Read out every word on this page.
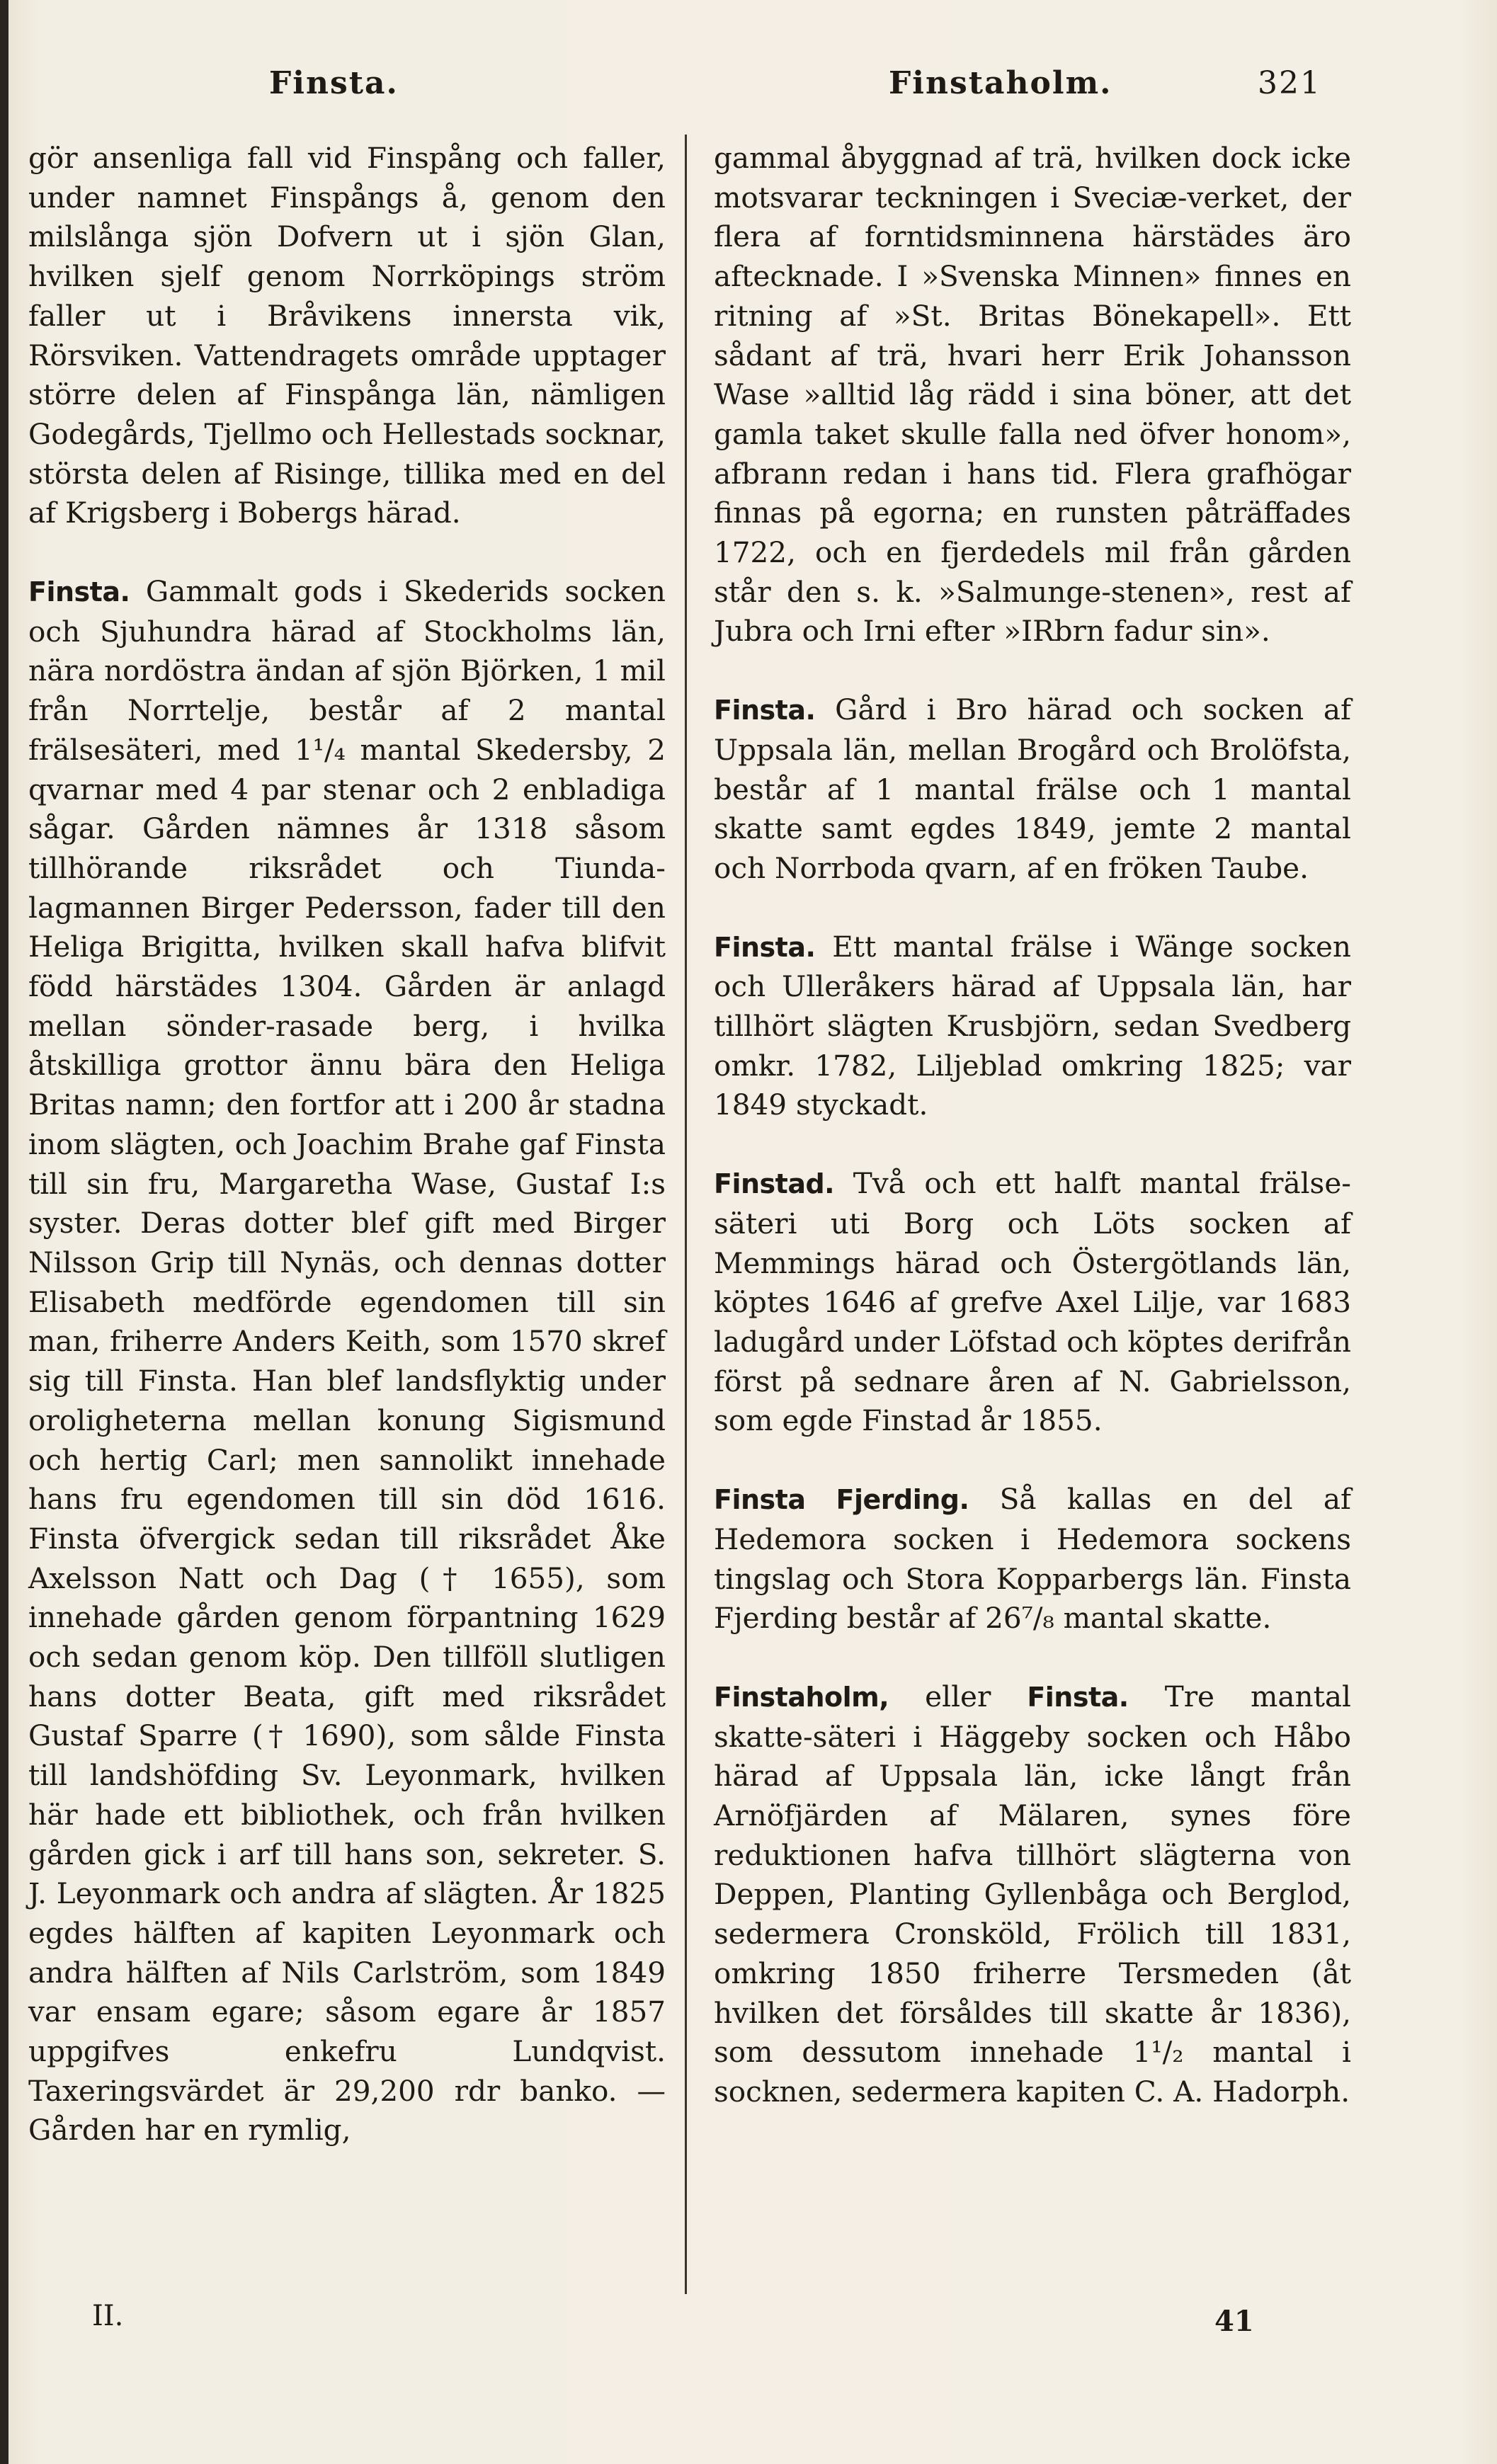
Finsta.	Finstaholm.	321

gör ansenliga fall vid Finspång och faller, under namnet Finspångs å, genom den milslånga sjön Dofvern ut i sjön Glan, hvilken sjelf genom Norrköpings ström faller ut i Bråvikens innersta vik, Rörsviken. Vattendragets område upptager större delen af Finspånga län, nämligen Godegårds, Tjellmo och Hellestads socknar, största delen af Risinge, tillika med en del af Krigsberg i Bobergs härad.

Finsta. Gammalt gods i Skederids socken och Sjuhundra härad af Stockholms län, nära nordöstra ändan af sjön Björken, 1 mil från Norrtelje, består af 2 mantal frälsesäteri, med 1¹/₄ mantal Skedersby, 2 qvarnar med 4 par stenar och 2 enbladiga sågar. Gården nämnes år 1318 såsom tillhörande riksrådet och Tiunda-lagmannen Birger Pedersson, fader till den Heliga Brigitta, hvilken skall hafva blifvit född härstädes 1304. Gården är anlagd mellan sönder-rasade berg, i hvilka åtskilliga grottor ännu bära den Heliga Britas namn; den fortfor att i 200 år stadna inom slägten, och Joachim Brahe gaf Finsta till sin fru, Margaretha Wase, Gustaf I:s syster. Deras dotter blef gift med Birger Nilsson Grip till Nynäs, och dennas dotter Elisabeth medförde egendomen till sin man, friherre Anders Keith, som 1570 skref sig till Finsta. Han blef landsflyktig under oroligheterna mellan konung Sigismund och hertig Carl; men sannolikt innehade hans fru egendomen till sin död 1616. Finsta öfvergick sedan till riksrådet Åke Axelsson Natt och Dag († 1655), som innehade gården genom förpantning 1629 och sedan genom köp. Den tillföll slutligen hans dotter Beata, gift med riksrådet Gustaf Sparre († 1690), som sålde Finsta till landshöfding Sv. Leyonmark, hvilken här hade ett bibliothek, och från hvilken gården gick i arf till hans son, sekreter. S. J. Leyonmark och andra af slägten. År 1825 egdes hälften af kapiten Leyonmark och andra hälften af Nils Carlström, som 1849 var ensam egare; såsom egare år 1857 uppgifves enkefru Lundqvist. Taxeringsvärdet är 29,200 rdr banko. — Gården har en rymlig,

gammal åbyggnad af trä, hvilken dock icke motsvarar teckningen i Sveciæ-verket, der flera af forntidsminnena härstädes äro aftecknade. I »Svenska Minnen» finnes en ritning af »St. Britas Bönekapell». Ett sådant af trä, hvari herr Erik Johansson Wase »alltid låg rädd i sina böner, att det gamla taket skulle falla ned öfver honom», afbrann redan i hans tid. Flera grafhögar finnas på egorna; en runsten påträffades 1722, och en fjerdedels mil från gården står den s. k. »Salmunge-stenen», rest af Jubra och Irni efter »IRbrn fadur sin».

Finsta. Gård i Bro härad och socken af Uppsala län, mellan Brogård och Brolöfsta, består af 1 mantal frälse och 1 mantal skatte samt egdes 1849, jemte 2 mantal och Norrboda qvarn, af en fröken Taube.

Finsta. Ett mantal frälse i Wänge socken och Ulleråkers härad af Uppsala län, har tillhört slägten Krusbjörn, sedan Svedberg omkr. 1782, Liljeblad omkring 1825; var 1849 styckadt.

Finstad. Två och ett halft mantal frälse-säteri uti Borg och Löts socken af Memmings härad och Östergötlands län, köptes 1646 af grefve Axel Lilje, var 1683 ladugård under Löfstad och köptes derifrån först på sednare åren af N. Gabrielsson, som egde Finstad år 1855.

Finsta Fjerding. Så kallas en del af Hedemora socken i Hedemora sockens tingslag och Stora Kopparbergs län. Finsta Fjerding består af 26⁷/₈ mantal skatte.

Finstaholm, eller Finsta. Tre mantal skatte-säteri i Häggeby socken och Håbo härad af Uppsala län, icke långt från Arnöfjärden af Mälaren, synes före reduktionen hafva tillhört slägterna von Deppen, Planting Gyllenbåga och Berglod, sedermera Cronsköld, Frölich till 1831, omkring 1850 friherre Tersmeden (åt hvilken det försåldes till skatte år 1836), som dessutom innehade 1¹/₂ mantal i socknen, sedermera kapiten C. A. Hadorph.

II.	41
